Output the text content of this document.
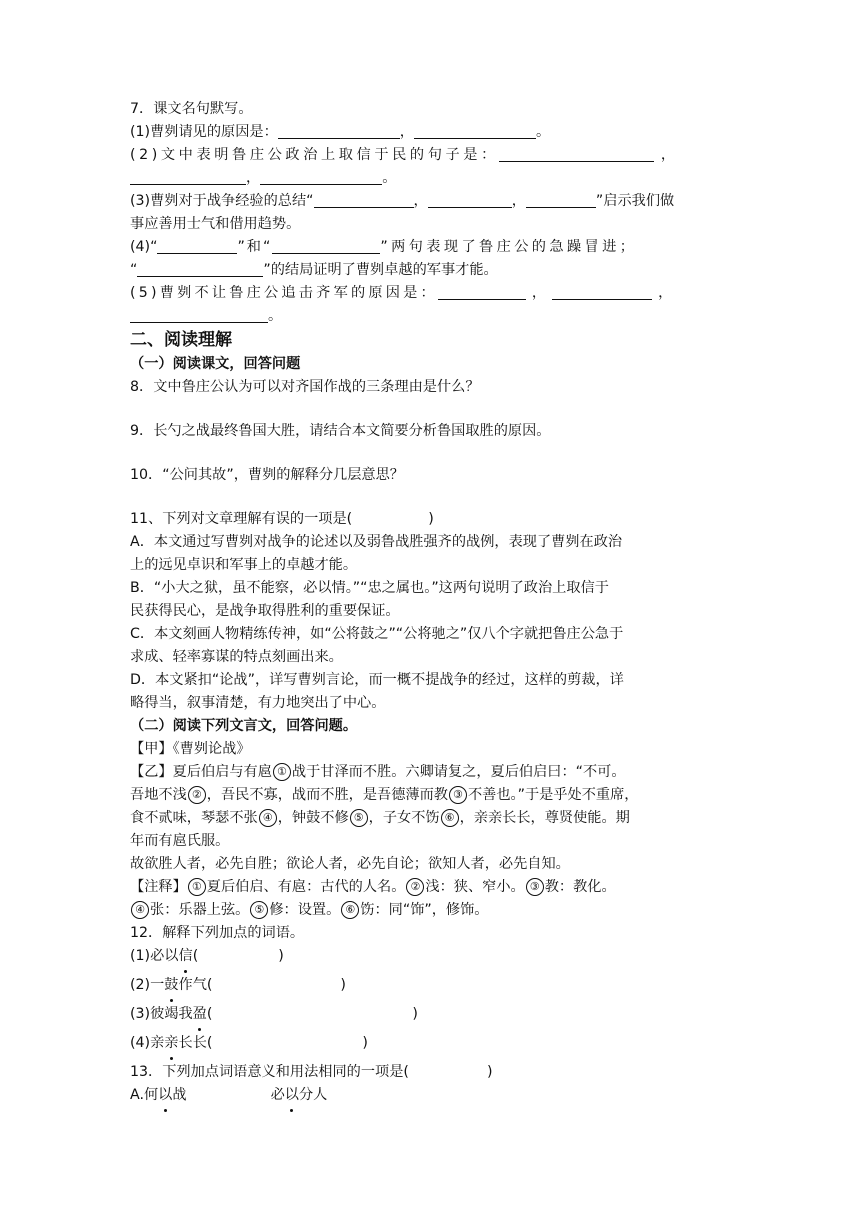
7．课文名句默写。
(1)曹刿请见的原因是：	，	。
(2)文中表明鲁庄公政治上取信于民的句子是：	，
，	。
(3)曹刿对于战争经验的总结“	，	，	”启示我们做
事应善用士气和借用趋势。
(4)“	”和“	”两句表现了鲁庄公的急躁冒进；
“	”的结局证明了曹刿卓越的军事才能。
(5)曹刿不让鲁庄公追击齐军的原因是：	，	，
。
二、阅读理解
（一）阅读课文，回答问题
8．文中鲁庄公认为可以对齐国作战的三条理由是什么？
9．长勺之战最终鲁国大胜，请结合本文简要分析鲁国取胜的原因。
10．“公问其故”，曹刿的解释分几层意思？
11、下列对文章理解有误的一项是(	)
A．本文通过写曹刿对战争的论述以及弱鲁战胜强齐的战例，表现了曹刿在政治
上的远见卓识和军事上的卓越才能。
B．“小大之狱，虽不能察，必以情。”“忠之属也。”这两句说明了政治上取信于
民获得民心，是战争取得胜利的重要保证。
C．本文刻画人物精练传神，如“公将鼓之”“公将驰之”仅八个字就把鲁庄公急于
求成、轻率寡谋的特点刻画出来。
D．本文紧扣“论战”，详写曹刿言论，而一概不提战争的经过，这样的剪裁，详
略得当，叙事清楚，有力地突出了中心。
（二）阅读下列文言文，回答问题。
【甲】《曹刿论战》
【乙】夏后伯启与有扈 ① 战于甘泽而不胜。六卿请复之，夏后伯启曰：“不可。
吾地不浅 ② ，吾民不寡，战而不胜，是吾德薄而教 ③ 不善也。”于是乎处不重席，
食不贰味，琴瑟不张 ④ ，钟鼓不修 ⑤ ，子女不饬 ⑥ ，亲亲长长，尊贤使能。期
年而有扈氏服。
故欲胜人者，必先自胜；欲论人者，必先自论；欲知人者，必先自知。
【注释】 ① 夏后伯启、有扈：古代的人名。 ② 浅：狭、窄小。 ③ 教：教化。
④ 张：乐器上弦。 ⑤ 修：设置。 ⑥ 饬：同“饰”，修饰。
12．解释下列加点的词语。
(1)必以信(	)
(2)一鼓作气(	)
(3)彼竭我盈(	)
(4)亲亲长长(	)
13．下列加点词语意义和用法相同的一项是(	)
A.何以战	必以分人
